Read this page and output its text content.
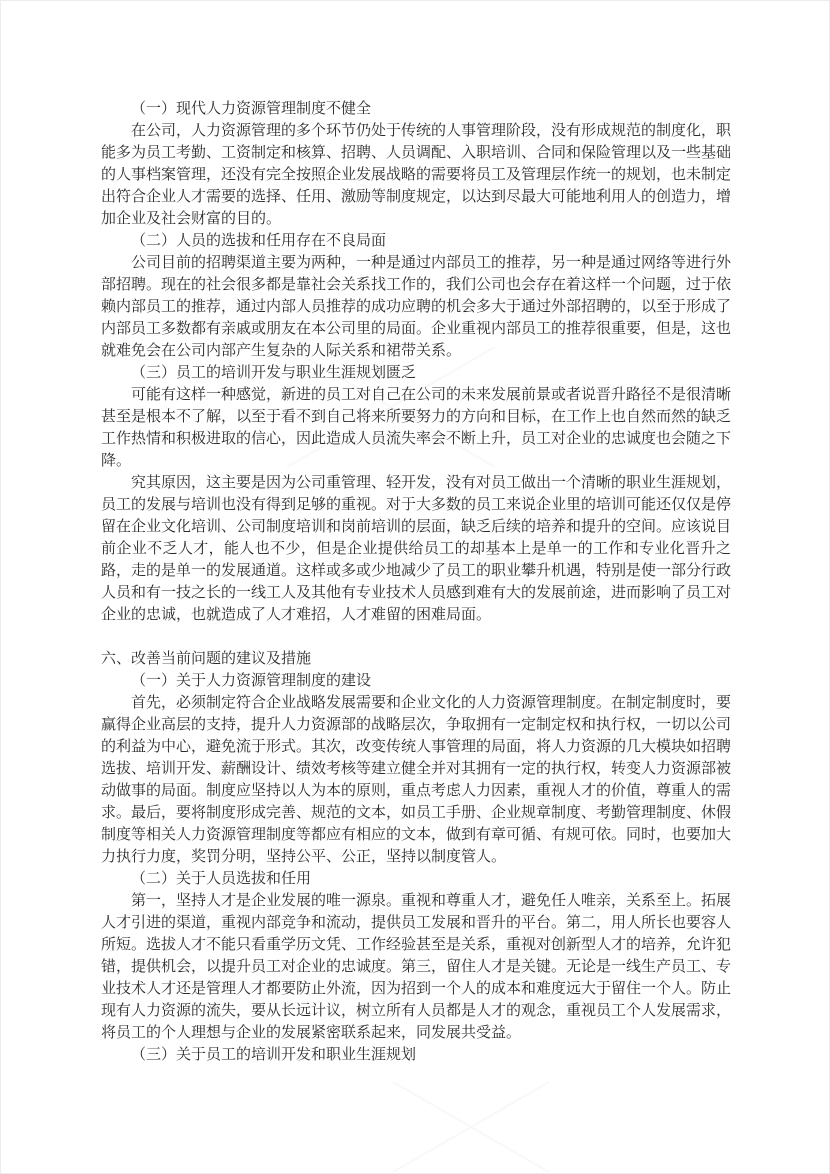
（一）现代人力资源管理制度不健全

在公司，人力资源管理的多个环节仍处于传统的人事管理阶段，没有形成规范的制度化，职能多为员工考勤、工资制定和核算、招聘、人员调配、入职培训、合同和保险管理以及一些基础的人事档案管理，还没有完全按照企业发展战略的需要将员工及管理层作统一的规划，也未制定出符合企业人才需要的选择、任用、激励等制度规定，以达到尽最大可能地利用人的创造力，增加企业及社会财富的目的。

（二）人员的选拔和任用存在不良局面

公司目前的招聘渠道主要为两种，一种是通过内部员工的推荐，另一种是通过网络等进行外部招聘。现在的社会很多都是靠社会关系找工作的，我们公司也会存在着这样一个问题，过于依赖内部员工的推荐，通过内部人员推荐的成功应聘的机会多大于通过外部招聘的，以至于形成了内部员工多数都有亲戚或朋友在本公司里的局面。企业重视内部员工的推荐很重要，但是，这也就难免会在公司内部产生复杂的人际关系和裙带关系。

（三）员工的培训开发与职业生涯规划匮乏

可能有这样一种感觉，新进的员工对自己在公司的未来发展前景或者说晋升路径不是很清晰甚至是根本不了解，以至于看不到自己将来所要努力的方向和目标，在工作上也自然而然的缺乏工作热情和积极进取的信心，因此造成人员流失率会不断上升，员工对企业的忠诚度也会随之下降。

究其原因，这主要是因为公司重管理、轻开发，没有对员工做出一个清晰的职业生涯规划，员工的发展与培训也没有得到足够的重视。对于大多数的员工来说企业里的培训可能还仅仅是停留在企业文化培训、公司制度培训和岗前培训的层面，缺乏后续的培养和提升的空间。应该说目前企业不乏人才，能人也不少，但是企业提供给员工的却基本上是单一的工作和专业化晋升之路，走的是单一的发展通道。这样或多或少地减少了员工的职业攀升机遇，特别是使一部分行政人员和有一技之长的一线工人及其他有专业技术人员感到难有大的发展前途，进而影响了员工对企业的忠诚，也就造成了人才难招，人才难留的困难局面。

六、改善当前问题的建议及措施

（一）关于人力资源管理制度的建设

首先，必须制定符合企业战略发展需要和企业文化的人力资源管理制度。在制定制度时，要赢得企业高层的支持，提升人力资源部的战略层次，争取拥有一定制定权和执行权，一切以公司的利益为中心，避免流于形式。其次，改变传统人事管理的局面，将人力资源的几大模块如招聘选拔、培训开发、薪酬设计、绩效考核等建立健全并对其拥有一定的执行权，转变人力资源部被动做事的局面。制度应坚持以人为本的原则，重点考虑人力因素，重视人才的价值，尊重人的需求。最后，要将制度形成完善、规范的文本，如员工手册、企业规章制度、考勤管理制度、休假制度等相关人力资源管理制度等都应有相应的文本，做到有章可循、有规可依。同时，也要加大力执行力度，奖罚分明，坚持公平、公正，坚持以制度管人。

（二）关于人员选拔和任用

第一，坚持人才是企业发展的唯一源泉。重视和尊重人才，避免任人唯亲，关系至上。拓展人才引进的渠道，重视内部竞争和流动，提供员工发展和晋升的平台。第二，用人所长也要容人所短。选拔人才不能只看重学历文凭、工作经验甚至是关系，重视对创新型人才的培养，允许犯错，提供机会，以提升员工对企业的忠诚度。第三，留住人才是关键。无论是一线生产员工、专业技术人才还是管理人才都要防止外流，因为招到一个人的成本和难度远大于留住一个人。防止现有人力资源的流失，要从长远计议，树立所有人员都是人才的观念，重视员工个人发展需求，将员工的个人理想与企业的发展紧密联系起来，同发展共受益。

（三）关于员工的培训开发和职业生涯规划
